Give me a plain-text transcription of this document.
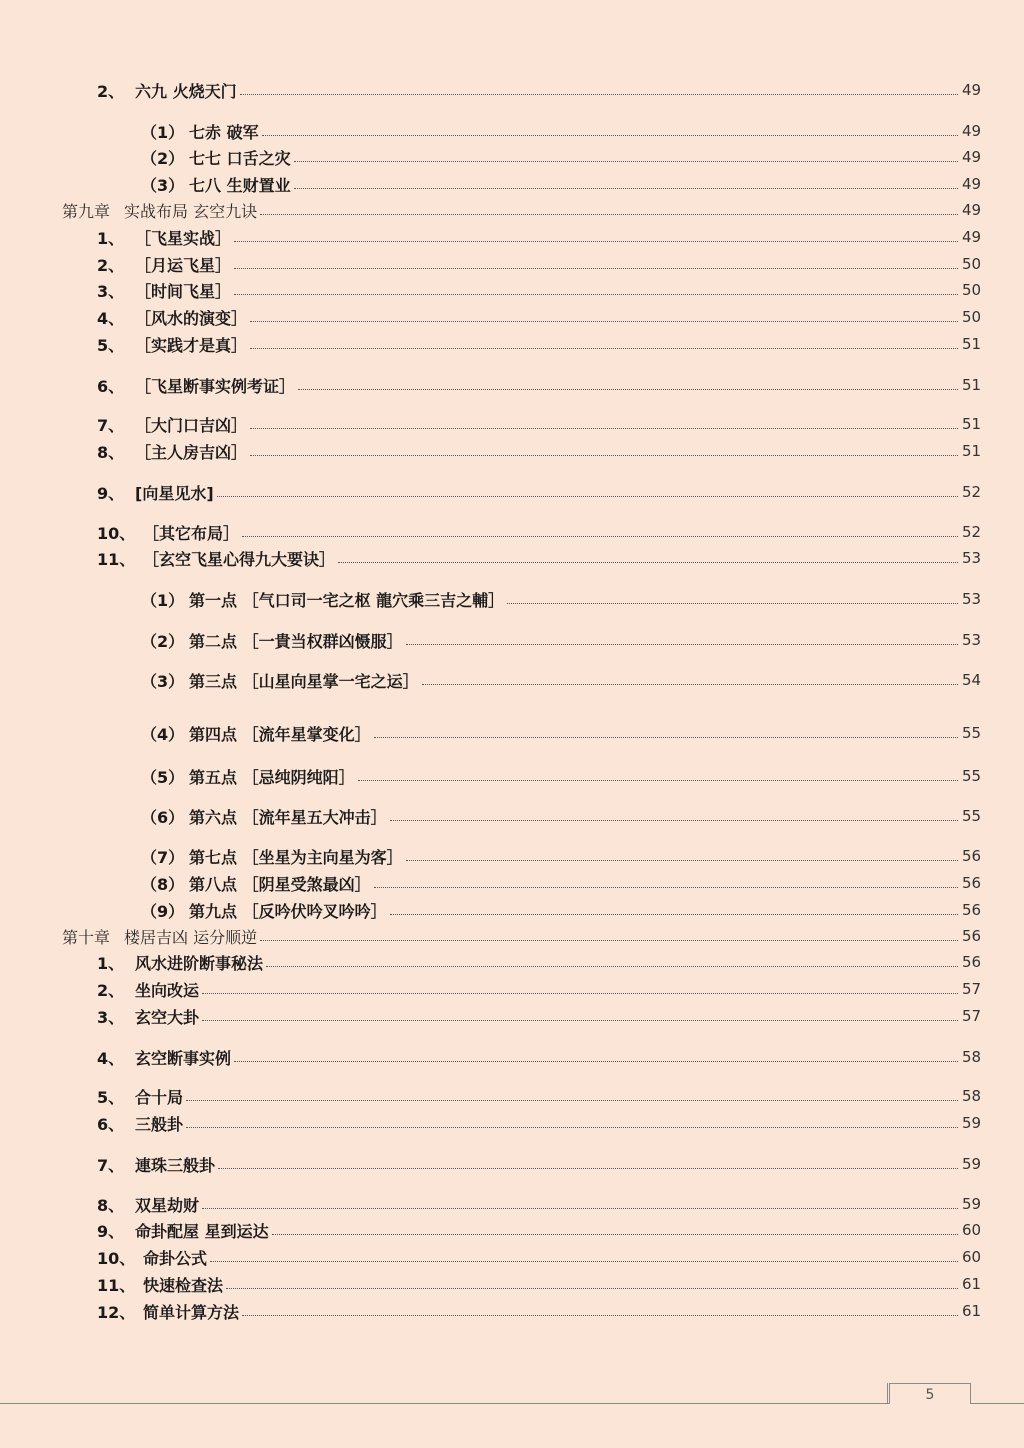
2、 六九 火烧天门	49
（1） 七赤 破军	49
（2） 七七 口舌之灾	49
（3） 七八 生财置业	49
第九章 实战布局 玄空九诀	49
1、 ［飞星实战］	49
2、 ［月运飞星］	50
3、 ［时间飞星］	50
4、 ［风水的演变］	50
5、 ［实践才是真］	51
6、 ［飞星断事实例考证］	51
7、 ［大门口吉凶］	51
8、 ［主人房吉凶］	51
9、 [向星见水]	52
10、 ［其它布局］	52
11、 ［玄空飞星心得九大要诀］	53
（1） 第一点 ［气口司一宅之枢 龍穴乘三吉之輔］	53
（2） 第二点 ［一貴当权群凶慑服］	53
（3） 第三点 ［山星向星掌一宅之运］	54
（4） 第四点 ［流年星掌变化］	55
（5） 第五点 ［忌纯阴纯阳］	55
（6） 第六点 ［流年星五大冲击］	55
（7） 第七点 ［坐星为主向星为客］	56
（8） 第八点 ［阴星受煞最凶］	56
（9） 第九点 ［反吟伏吟叉吟吟］	56
第十章 楼居吉凶 运分顺逆	56
1、 风水进阶断事秘法	56
2、 坐向改运	57
3、 玄空大卦	57
4、 玄空断事实例	58
5、 合十局	58
6、 三般卦	59
7、 連珠三般卦	59
8、 双星劫财	59
9、 命卦配屋 星到运达	60
10、 命卦公式	60
11、 快速检查法	61
12、 简单计算方法	61
5
